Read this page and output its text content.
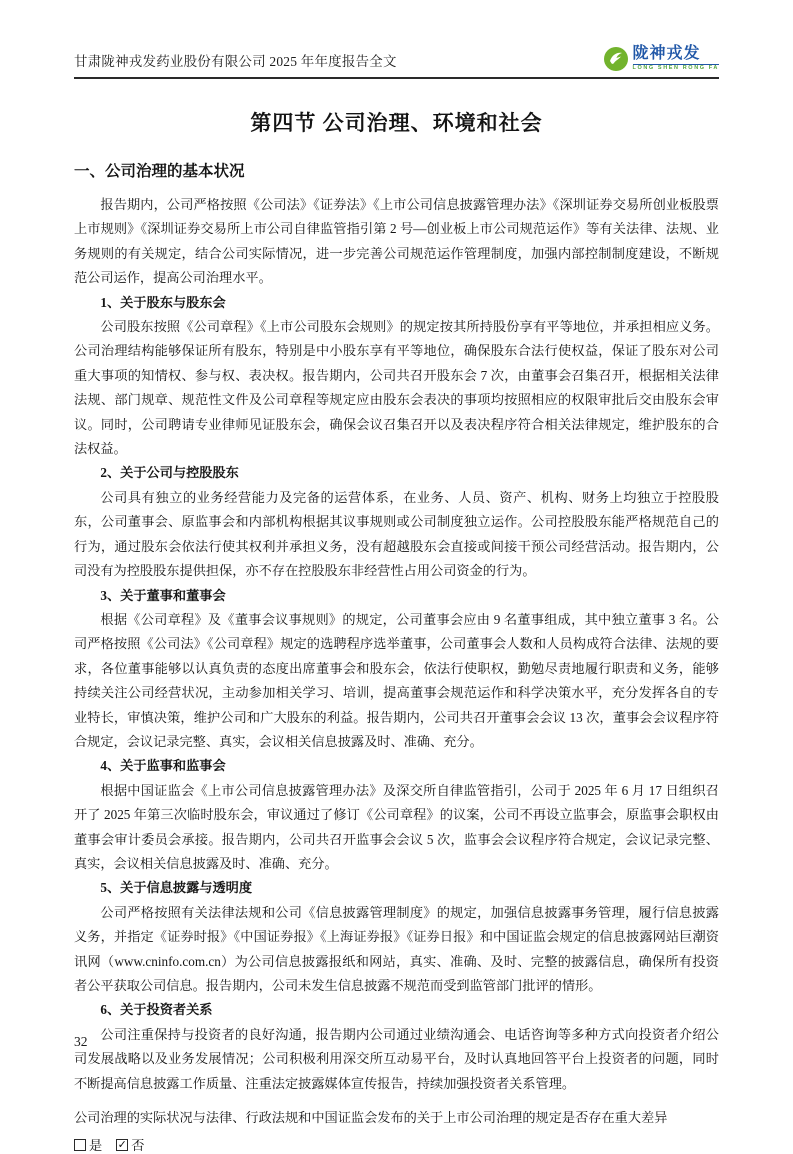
甘肃陇神戎发药业股份有限公司 2025 年年度报告全文	陇神戎发
LONG SHEN RONG FA
第四节 公司治理、环境和社会
一、公司治理的基本状况

报告期内，公司严格按照《公司法》《证券法》《上市公司信息披露管理办法》《深圳证券交易所创业板股票上市规则》《深圳证券交易所上市公司自律监管指引第 2 号—创业板上市公司规范运作》等有关法律、法规、业务规则的有关规定，结合公司实际情况，进一步完善公司规范运作管理制度，加强内部控制制度建设，不断规范公司运作，提高公司治理水平。

1、关于股东与股东会

公司股东按照《公司章程》《上市公司股东会规则》的规定按其所持股份享有平等地位，并承担相应义务。公司治理结构能够保证所有股东，特别是中小股东享有平等地位，确保股东合法行使权益，保证了股东对公司重大事项的知情权、参与权、表决权。报告期内，公司共召开股东会 7 次，由董事会召集召开，根据相关法律法规、部门规章、规范性文件及公司章程等规定应由股东会表决的事项均按照相应的权限审批后交由股东会审议。同时，公司聘请专业律师见证股东会，确保会议召集召开以及表决程序符合相关法律规定，维护股东的合法权益。

2、关于公司与控股股东

公司具有独立的业务经营能力及完备的运营体系，在业务、人员、资产、机构、财务上均独立于控股股东，公司董事会、原监事会和内部机构根据其议事规则或公司制度独立运作。公司控股股东能严格规范自己的行为，通过股东会依法行使其权利并承担义务，没有超越股东会直接或间接干预公司经营活动。报告期内，公司没有为控股股东提供担保，亦不存在控股股东非经营性占用公司资金的行为。

3、关于董事和董事会

根据《公司章程》及《董事会议事规则》的规定，公司董事会应由 9 名董事组成，其中独立董事 3 名。公司严格按照《公司法》《公司章程》规定的选聘程序选举董事，公司董事会人数和人员构成符合法律、法规的要求，各位董事能够以认真负责的态度出席董事会和股东会，依法行使职权，勤勉尽责地履行职责和义务，能够持续关注公司经营状况，主动参加相关学习、培训，提高董事会规范运作和科学决策水平，充分发挥各自的专业特长，审慎决策，维护公司和广大股东的利益。报告期内，公司共召开董事会会议 13 次，董事会会议程序符合规定，会议记录完整、真实，会议相关信息披露及时、准确、充分。

4、关于监事和监事会

根据中国证监会《上市公司信息披露管理办法》及深交所自律监管指引，公司于 2025 年 6 月 17 日组织召开了 2025 年第三次临时股东会，审议通过了修订《公司章程》的议案，公司不再设立监事会，原监事会职权由董事会审计委员会承接。报告期内，公司共召开监事会会议 5 次，监事会会议程序符合规定，会议记录完整、真实，会议相关信息披露及时、准确、充分。

5、关于信息披露与透明度

公司严格按照有关法律法规和公司《信息披露管理制度》的规定，加强信息披露事务管理，履行信息披露义务，并指定《证券时报》《中国证券报》《上海证券报》《证券日报》和中国证监会规定的信息披露网站巨潮资讯网（www.cninfo.com.cn）为公司信息披露报纸和网站，真实、准确、及时、完整的披露信息，确保所有投资者公平获取公司信息。报告期内，公司未发生信息披露不规范而受到监管部门批评的情形。

6、关于投资者关系

公司注重保持与投资者的良好沟通，报告期内公司通过业绩沟通会、电话咨询等多种方式向投资者介绍公司发展战略以及业务发展情况；公司积极利用深交所互动易平台，及时认真地回答平台上投资者的问题，同时不断提高信息披露工作质量、注重法定披露媒体宣传报告，持续加强投资者关系管理。

公司治理的实际状况与法律、行政法规和中国证监会发布的关于上市公司治理的规定是否存在重大差异

是 ✓ 否
32
